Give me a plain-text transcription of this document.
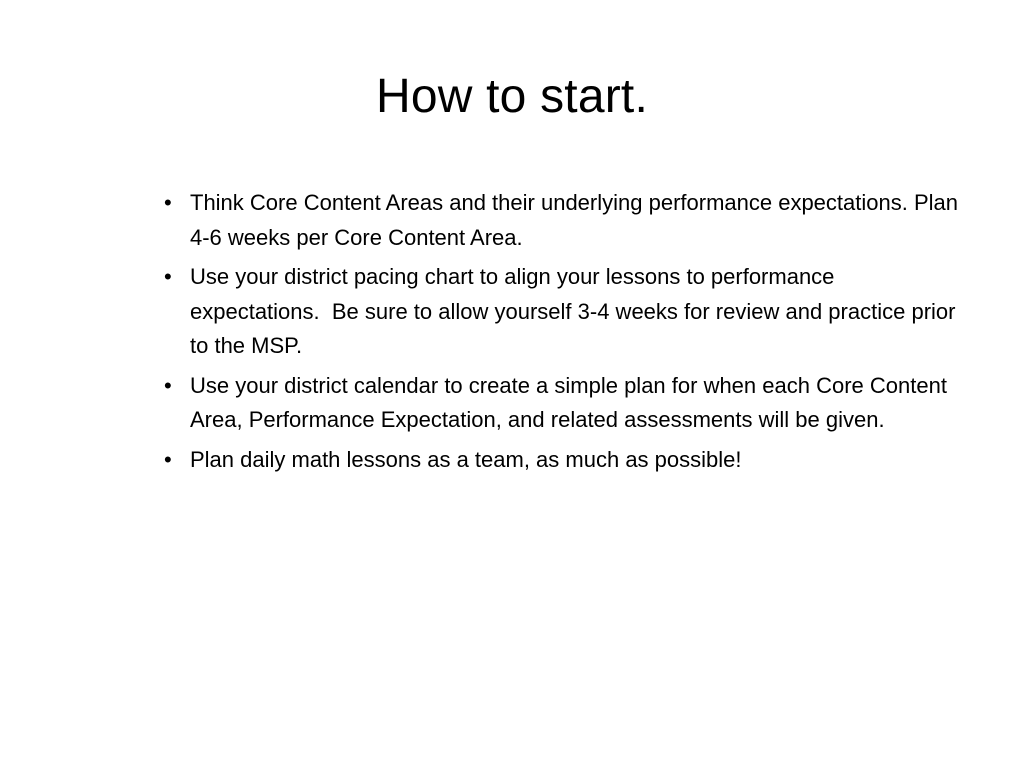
How to start.
• Think Core Content Areas and their underlying performance expectations. Plan 4-6 weeks per Core Content Area.
• Use your district pacing chart to align your lessons to performance expectations.  Be sure to allow yourself 3-4 weeks for review and practice prior to the MSP.
• Use your district calendar to create a simple plan for when each Core Content Area, Performance Expectation, and related assessments will be given.
• Plan daily math lessons as a team, as much as possible!
